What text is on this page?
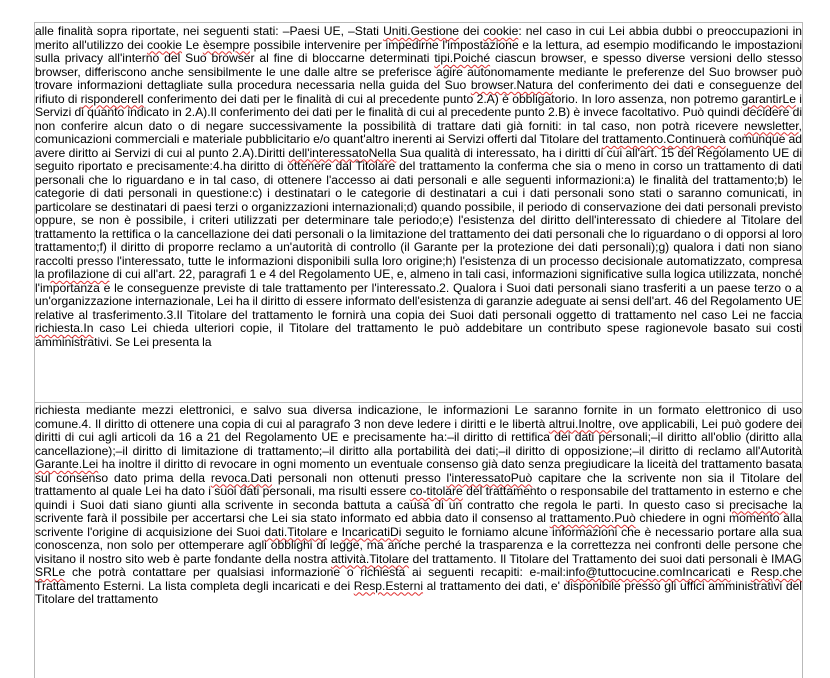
alle finalità sopra riportate, nei seguenti stati: –Paesi UE, –Stati Uniti.Gestione dei cookie: nel caso in cui Lei abbia dubbi o preoccupazioni in merito all'utilizzo dei cookie Le èsempre possibile intervenire per impedirne l'impostazione e la lettura, ad esempio modificando le impostazioni sulla privacy all'interno del Suo browser al fine di bloccarne determinati tipi.Poiché ciascun browser, e spesso diverse versioni dello stesso browser, differiscono anche sensibilmente le une dalle altre se preferisce agire autonomamente mediante le preferenze del Suo browser può trovare informazioni dettagliate sulla procedura necessaria nella guida del Suo browser.Natura del conferimento dei dati e conseguenze del rifiuto di risponderelI conferimento dei dati per le finalità di cui al precedente punto 2.A) è obbligatorio. In loro assenza, non potremo garantirLe i Servizi di quanto indicato in 2.A).Il conferimento dei dati per le finalità di cui al precedente punto 2.B) è invece facoltativo. Può quindi decidere di non conferire alcun dato o di negare successivamente la possibilità di trattare dati già forniti: in tal caso, non potrà ricevere newsletter, comunicazioni commerciali e materiale pubblicitario e/o quant'altro inerenti ai Servizi offerti dal Titolare del trattamento.Continuerà comunque ad avere diritto ai Servizi di cui al punto 2.A).Diritti dell'interessatoNella Sua qualità di interessato, ha i diritti di cui all'art. 15 del Regolamento UE di seguito riportato e precisamente:4.ha diritto di ottenere dal Titolare del trattamento la conferma che sia o meno in corso un trattamento di dati personali che lo riguardano e in tal caso, di ottenere l'accesso ai dati personali e alle seguenti informazioni:a) le finalità del trattamento;b) le categorie di dati personali in questione:c) i destinatari o le categorie di destinatari a cui i dati personali sono stati o saranno comunicati, in particolare se destinatari di paesi terzi o organizzazioni internazionali;d) quando possibile, il periodo di conservazione dei dati personali previsto oppure, se non è possibile, i criteri utilizzati per determinare tale periodo;e) l'esistenza del diritto dell'interessato di chiedere al Titolare del trattamento la rettifica o la cancellazione dei dati personali o la limitazione del trattamento dei dati personali che lo riguardano o di opporsi al loro trattamento;f) il diritto di proporre reclamo a un'autorità di controllo (il Garante per la protezione dei dati personali);g) qualora i dati non siano raccolti presso l'interessato, tutte le informazioni disponibili sulla loro origine;h) l'esistenza di un processo decisionale automatizzato, compresa la profilazione di cui all'art. 22, paragrafi 1 e 4 del Regolamento UE, e, almeno in tali casi, informazioni significative sulla logica utilizzata, nonché l'importanza e le conseguenze previste di tale trattamento per l'interessato.2. Qualora i Suoi dati personali siano trasferiti a un paese terzo o a un'organizzazione internazionale, Lei ha il diritto di essere informato dell'esistenza di garanzie adeguate ai sensi dell'art. 46 del Regolamento UE relative al trasferimento.3.Il Titolare del trattamento le fornirà una copia dei Suoi dati personali oggetto di trattamento nel caso Lei ne faccia richiesta.In caso Lei chieda ulteriori copie, il Titolare del trattamento le può addebitare un contributo spese ragionevole basato sui costi amministrativi. Se Lei presenta la
richiesta mediante mezzi elettronici, e salvo sua diversa indicazione, le informazioni Le saranno fornite in un formato elettronico di uso comune.4. Il diritto di ottenere una copia di cui al paragrafo 3 non deve ledere i diritti e le libertà altrui.Inoltre, ove applicabili, Lei può godere dei diritti di cui agli articoli da 16 a 21 del Regolamento UE e precisamente ha:–il diritto di rettifica dei dati personali;–il diritto all'oblio (diritto alla cancellazione);–il diritto di limitazione di trattamento;–il diritto alla portabilità dei dati;–il diritto di opposizione;–il diritto di reclamo all'Autorità Garante.Lei ha inoltre il diritto di revocare in ogni momento un eventuale consenso già dato senza pregiudicare la liceità del trattamento basata sul consenso dato prima della revoca.Dati personali non ottenuti presso l'interessatoPuò capitare che la scrivente non sia il Titolare del trattamento al quale Lei ha dato i suoi dati personali, ma risulti essere co-titolare del trattamento o responsabile del trattamento in esterno e che quindi i Suoi dati siano giunti alla scrivente in seconda battuta a causa di un contratto che regola le parti. In questo caso si precisache la scrivente farà il possibile per accertarsi che Lei sia stato informato ed abbia dato il consenso al trattamento.Può chiedere in ogni momento alla scrivente l'origine di acquisizione dei Suoi dati.Titolare e IncaricatiDi seguito le forniamo alcune informazioni che è necessario portare alla sua conoscenza, non solo per ottemperare agli obblighi di legge, ma anche perché la trasparenza e la correttezza nei confronti delle persone che visitano il nostro sito web è parte fondante della nostra attività.Titolare del trattamento. Il Titolare del Trattamento dei suoi dati personali è IMAG SRLe che potrà contattare per qualsiasi informazione o richiesta ai seguenti recapiti: e-mail:info@tuttocucine.comIncaricati e Resp.che Trattamento Esterni. La lista completa degli incaricati e dei Resp.Esterni al trattamento dei dati, e' disponibile presso gli uffici amministrativi del Titolare del trattamento
